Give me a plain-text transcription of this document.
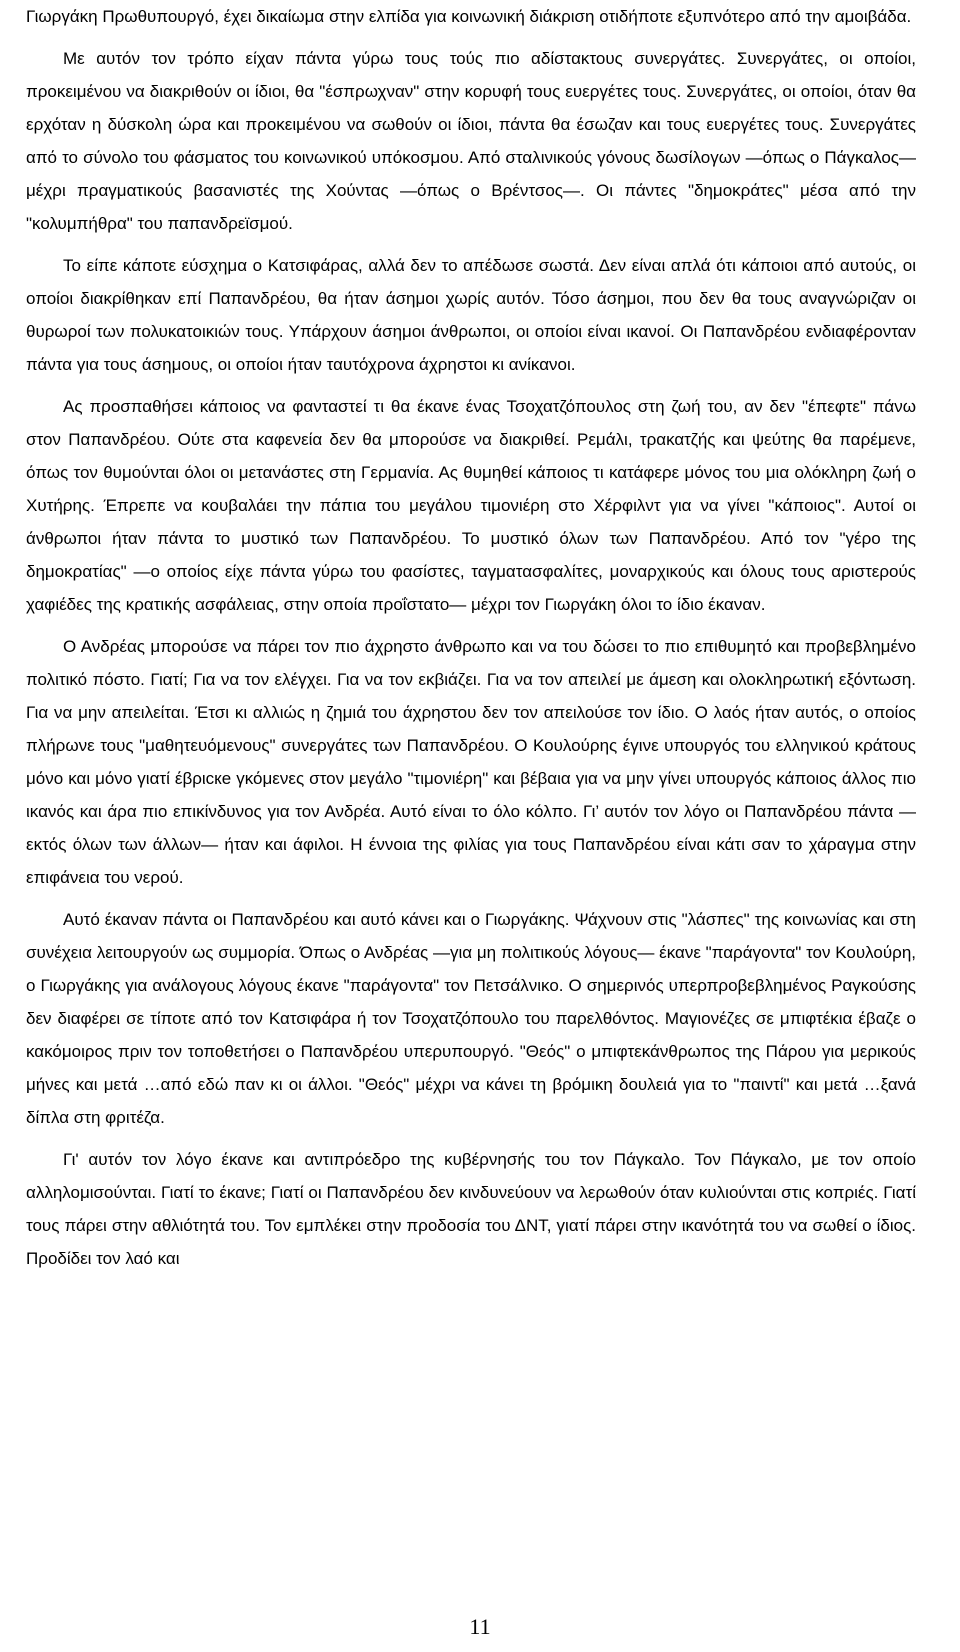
Γιωργάκη Πρωθυπουργό, έχει δικαίωμα στην ελπίδα για κοινωνική διάκριση οτιδήποτε εξυπνότερο από την αμοιβάδα.

Με αυτόν τον τρόπο είχαν πάντα γύρω τους τούς πιο αδίστακτους συνεργάτες. Συνεργάτες, οι οποίοι, προκειμένου να διακριθούν οι ίδιοι, θα "έσπρωχναν" στην κορυφή τους ευεργέτες τους. Συνεργάτες, οι οποίοι, όταν θα ερχόταν η δύσκολη ώρα και προκειμένου να σωθούν οι ίδιοι, πάντα θα έσωζαν και τους ευεργέτες τους. Συνεργάτες από το σύνολο του φάσματος του κοινωνικού υπόκοσμου. Από σταλινικούς γόνους δωσίλογων —όπως ο Πάγκαλος— μέχρι πραγματικούς βασανιστές της Χούντας —όπως ο Βρέντσος—. Οι πάντες "δημοκράτες" μέσα από την "κολυμπήθρα" του παπανδρεϊσμού.

Το είπε κάποτε εύσχημα ο Κατσιφάρας, αλλά δεν το απέδωσε σωστά. Δεν είναι απλά ότι κάποιοι από αυτούς, οι οποίοι διακρίθηκαν επί Παπανδρέου, θα ήταν άσημοι χωρίς αυτόν. Τόσο άσημοι, που δεν θα τους αναγνώριζαν οι θυρωροί των πολυκατοικιών τους. Υπάρχουν άσημοι άνθρωποι, οι οποίοι είναι ικανοί. Οι Παπανδρέου ενδιαφέρονταν πάντα για τους άσημους, οι οποίοι ήταν ταυτόχρονα άχρηστοι κι ανίκανοι.

Ας προσπαθήσει κάποιος να φανταστεί τι θα έκανε ένας Τσοχατζόπουλος στη ζωή του, αν δεν "έπεφτε" πάνω στον Παπανδρέου. Ούτε στα καφενεία δεν θα μπορούσε να διακριθεί. Ρεμάλι, τρακατζής και ψεύτης θα παρέμενε, όπως τον θυμούνται όλοι οι μετανάστες στη Γερμανία. Ας θυμηθεί κάποιος τι κατάφερε μόνος του μια ολόκληρη ζωή ο Χυτήρης. Έπρεπε να κουβαλάει την πάπια του μεγάλου τιμονιέρη στο Χέρφιλντ για να γίνει "κάποιος". Αυτοί οι άνθρωποι ήταν πάντα το μυστικό των Παπανδρέου. Το μυστικό όλων των Παπανδρέου. Από τον "γέρο της δημοκρατίας" —ο οποίος είχε πάντα γύρω του φασίστες, ταγματασφαλίτες, μοναρχικούς και όλους τους αριστερούς χαφιέδες της κρατικής ασφάλειας, στην οποία προΐστατο— μέχρι τον Γιωργάκη όλοι το ίδιο έκαναν.

Ο Ανδρέας μπορούσε να πάρει τον πιο άχρηστο άνθρωπο και να του δώσει το πιο επιθυμητό και προβεβλημένο πολιτικό πόστο. Γιατί; Για να τον ελέγχει. Για να τον εκβιάζει. Για να τον απειλεί με άμεση και ολοκληρωτική εξόντωση. Για να μην απειλείται. Έτσι κι αλλιώς η ζημιά του άχρηστου δεν τον απειλούσε τον ίδιο. Ο λαός ήταν αυτός, ο οποίος πλήρωνε τους "μαθητευόμενους" συνεργάτες των Παπανδρέου. Ο Κουλούρης έγινε υπουργός του ελληνικού κράτους μόνο και μόνο γιατί έβριске γκόμενες στον μεγάλο "τιμονιέρη" και βέβαια για να μην γίνει υπουργός κάποιος άλλος πιο ικανός και άρα πιο επικίνδυνος για τον Ανδρέα. Αυτό είναι το όλο κόλπο. Γι’ αυτόν τον λόγο οι Παπανδρέου πάντα —εκτός όλων των άλλων— ήταν και άφιλοι. Η έννοια της φιλίας για τους Παπανδρέου είναι κάτι σαν το χάραγμα στην επιφάνεια του νερού.

Αυτό έκαναν πάντα οι Παπανδρέου και αυτό κάνει και ο Γιωργάκης. Ψάχνουν στις "λάσπες" της κοινωνίας και στη συνέχεια λειτουργούν ως συμμορία. Όπως ο Ανδρέας —για μη πολιτικούς λόγους— έκανε "παράγοντα" τον Κουλούρη, ο Γιωργάκης για ανάλογους λόγους έκανε "παράγοντα" τον Πετσάλνικο. Ο σημερινός υπερπροβεβλημένος Ραγκούσης δεν διαφέρει σε τίποτε από τον Κατσιφάρα ή τον Τσοχατζόπουλο του παρελθόντος. Μαγιονέζες σε μπιφτέκια έβαζε ο κακόμοιρος πριν τον τοποθετήσει ο Παπανδρέου υπερυπουργό. "Θεός" ο μπιφτεκάνθρωπος της Πάρου για μερικούς μήνες και μετά …από εδώ παν κι οι άλλοι. "Θεός" μέχρι να κάνει τη βρόμικη δουλειά για το "παιντί" και μετά …ξανά δίπλα στη φριτέζα.

Γι' αυτόν τον λόγο έκανε και αντιπρόεδρο της κυβέρνησής του τον Πάγκαλο. Τον Πάγκαλο, με τον οποίο αλληλομισούνται. Γιατί το έκανε; Γιατί οι Παπανδρέου δεν κινδυνεύουν να λερωθούν όταν κυλιούνται στις κοπριές. Γιατί τους πάρει στην αθλιότητά του. Τον εμπλέκει στην προδοσία του ΔΝΤ, γιατί πάρει στην ικανότητά του να σωθεί ο ίδιος. Προδίδει τον λαό και

11
